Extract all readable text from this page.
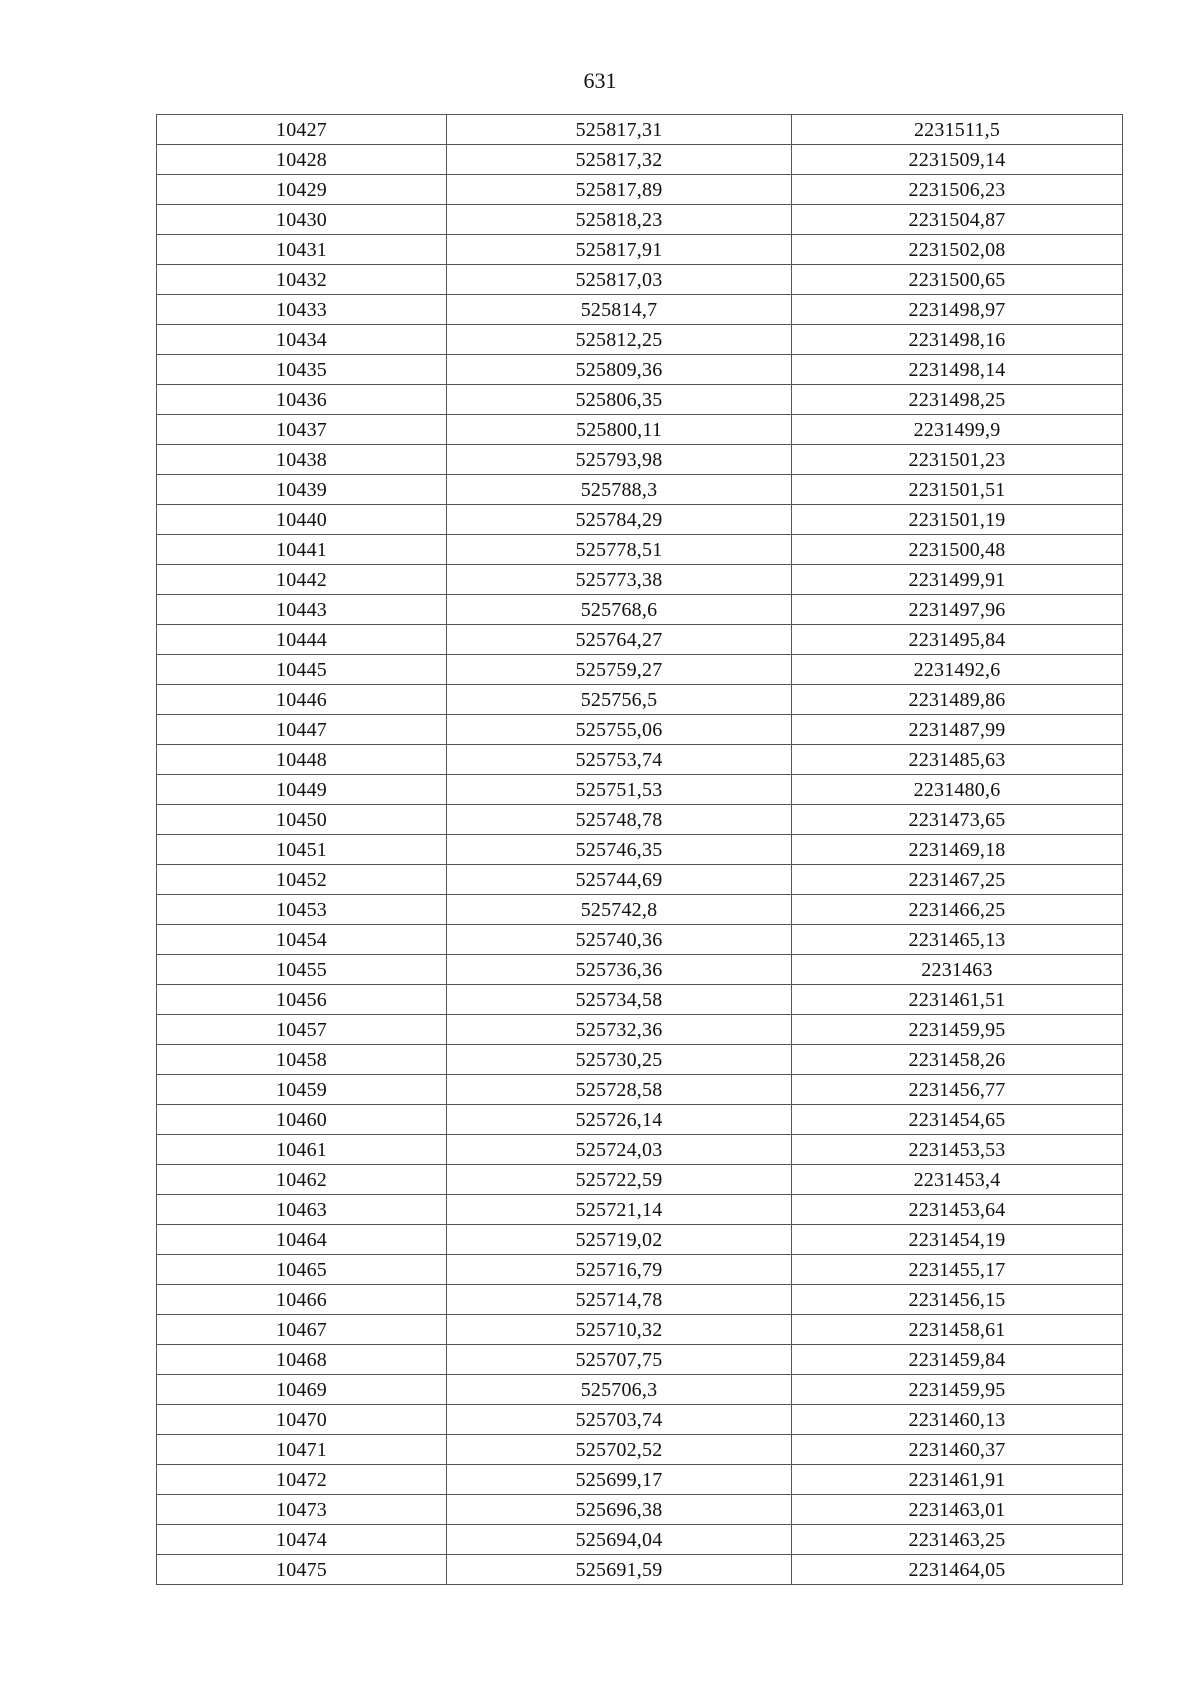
631
10427	525817,31	2231511,5
10428	525817,32	2231509,14
10429	525817,89	2231506,23
10430	525818,23	2231504,87
10431	525817,91	2231502,08
10432	525817,03	2231500,65
10433	525814,7	2231498,97
10434	525812,25	2231498,16
10435	525809,36	2231498,14
10436	525806,35	2231498,25
10437	525800,11	2231499,9
10438	525793,98	2231501,23
10439	525788,3	2231501,51
10440	525784,29	2231501,19
10441	525778,51	2231500,48
10442	525773,38	2231499,91
10443	525768,6	2231497,96
10444	525764,27	2231495,84
10445	525759,27	2231492,6
10446	525756,5	2231489,86
10447	525755,06	2231487,99
10448	525753,74	2231485,63
10449	525751,53	2231480,6
10450	525748,78	2231473,65
10451	525746,35	2231469,18
10452	525744,69	2231467,25
10453	525742,8	2231466,25
10454	525740,36	2231465,13
10455	525736,36	2231463
10456	525734,58	2231461,51
10457	525732,36	2231459,95
10458	525730,25	2231458,26
10459	525728,58	2231456,77
10460	525726,14	2231454,65
10461	525724,03	2231453,53
10462	525722,59	2231453,4
10463	525721,14	2231453,64
10464	525719,02	2231454,19
10465	525716,79	2231455,17
10466	525714,78	2231456,15
10467	525710,32	2231458,61
10468	525707,75	2231459,84
10469	525706,3	2231459,95
10470	525703,74	2231460,13
10471	525702,52	2231460,37
10472	525699,17	2231461,91
10473	525696,38	2231463,01
10474	525694,04	2231463,25
10475	525691,59	2231464,05
